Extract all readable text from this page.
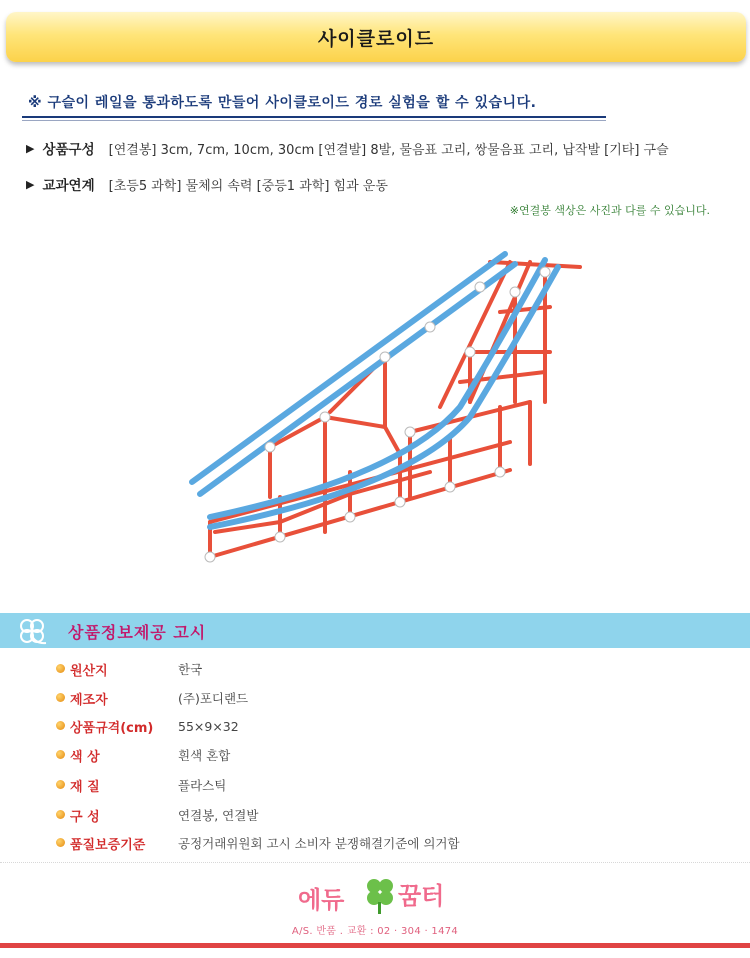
사이클로이드
※ 구슬이 레일을 통과하도록 만들어 사이클로이드 경로 실험을 할 수 있습니다.
▶ 상품구성 [연결봉] 3cm, 7cm, 10cm, 30cm [연결발] 8발, 물음표 고리, 쌍물음표 고리, 납작발 [기타] 구슬
▶ 교과연계 [초등5 과학] 물체의 속력 [중등1 과학] 힘과 운동
※연결봉 색상은 사진과 다를 수 있습니다.
상품정보제공 고시
원산지	한국
제조자	(주)포디랜드
상품규격(cm) 55×9×32
색 상	흰색 혼합
재 질	플라스틱
구 성	연결봉, 연결발
품질보증기준	공정거래위원회 고시 소비자 분쟁해결기준에 의거함
에듀 꿈터
A/S. 반품 . 교환 : 02 · 304 · 1474
